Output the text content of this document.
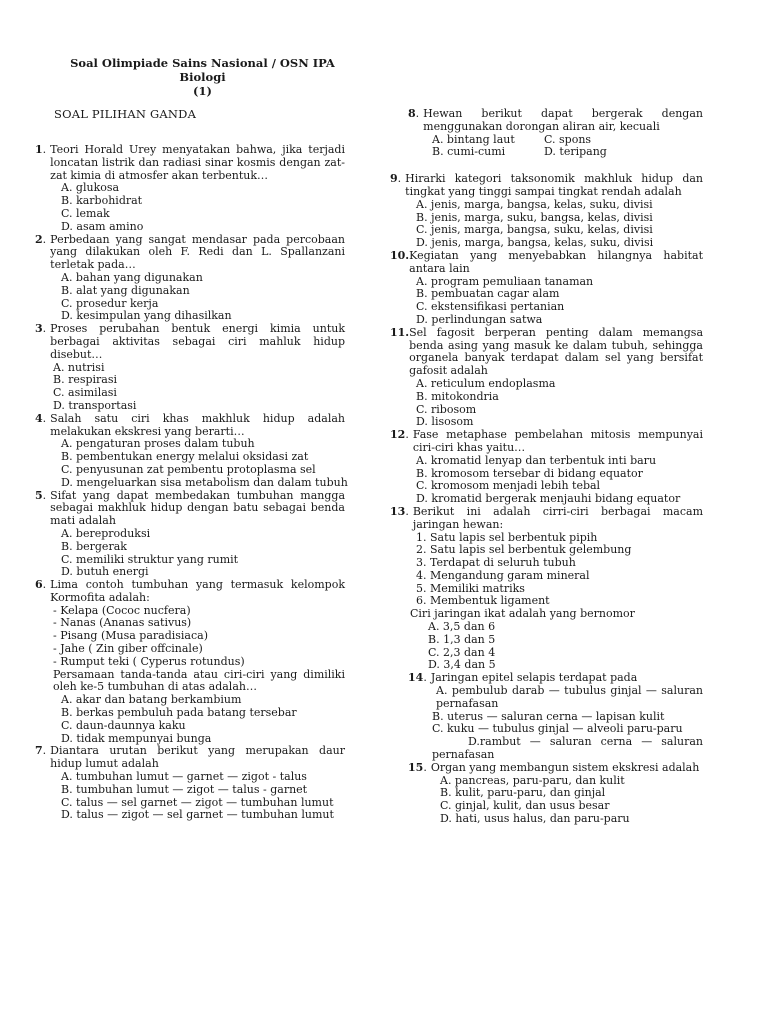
Soal Olimpiade Sains Nasional / OSN IPA Biologi
(1)
SOAL PILIHAN GANDA
1. Teori Horald Urey menyatakan bahwa, jika terjadi loncatan listrik dan radiasi sinar kosmis dengan zat-zat kimia di atmosfer akan terbentuk…
A. glukosa
B. karbohidrat
C. lemak
D. asam amino
2. Perbedaan yang sangat mendasar pada percobaan yang dilakukan oleh F. Redi dan L. Spallanzani terletak pada…
A. bahan yang digunakan
B. alat yang digunakan
C. prosedur kerja
D. kesimpulan yang dihasilkan
3. Proses perubahan bentuk energi kimia untuk berbagai aktivitas sebagai ciri mahluk hidup disebut…
A. nutrisi
B. respirasi
C. asimilasi
D. transportasi
4. Salah satu ciri khas makhluk hidup adalah melakukan ekskresi yang berarti…
A. pengaturan proses dalam tubuh
B. pembentukan energy melalui oksidasi zat
C. penyusunan zat pembentu protoplasma sel
D. mengeluarkan sisa metabolism dan dalam tubuh
5. Sifat yang dapat membedakan tumbuhan mangga sebagai makhluk hidup dengan batu sebagai benda mati adalah
A. bereproduksi
B. bergerak
C. memiliki struktur yang rumit
D. butuh energi
6. Lima contoh tumbuhan yang termasuk kelompok Kormofita adalah:
- Kelapa (Cococ nucfera)
- Nanas (Ananas sativus)
- Pisang (Musa paradisiaca)
- Jahe ( Zin giber offcinale)
- Rumput teki ( Cyperus rotundus)
Persamaan tanda-tanda atau ciri-ciri yang dimiliki oleh ke-5 tumbuhan di atas adalah…
A. akar dan batang berkambium
B. berkas pembuluh pada batang tersebar
C. daun-daunnya kaku
D. tidak mempunyai bunga
7. Diantara urutan berikut yang merupakan daur hidup lumut adalah
A. tumbuhan lumut — garnet — zigot - talus
B. tumbuhan lumut — zigot — talus - garnet
C. talus — sel garnet — zigot — tumbuhan lumut
D. talus — zigot — sel garnet — tumbuhan lumut
8. Hewan berikut dapat bergerak dengan menggunakan dorongan aliran air, kecuali
A. bintang laut	C. spons
B. cumi-cumi	D. teripang
9. Hirarki kategori taksonomik makhluk hidup dan tingkat yang tinggi sampai tingkat rendah adalah
A. jenis, marga, bangsa, kelas, suku, divisi
B. jenis, marga, suku, bangsa, kelas, divisi
C. jenis, marga, bangsa, suku, kelas, divisi
D. jenis, marga, bangsa, kelas, suku, divisi
10. Kegiatan yang menyebabkan hilangnya habitat antara lain
A. program pemuliaan tanaman
B. pembuatan cagar alam
C. ekstensifikasi pertanian
D. perlindungan satwa
11. Sel fagosit berperan penting dalam memangsa benda asing yang masuk ke dalam tubuh, sehingga organela banyak terdapat dalam sel yang bersifat gafosit adalah
A. reticulum endoplasma
B. mitokondria
C. ribosom
D. lisosom
12. Fase metaphase pembelahan mitosis mempunyai ciri-ciri khas yaitu…
A. kromatid lenyap dan terbentuk inti baru
B. kromosom tersebar di bidang equator
C. kromosom menjadi lebih tebal
D. kromatid bergerak menjauhi bidang equator
13. Berikut ini adalah cirri-ciri berbagai macam jaringan hewan:
1. Satu lapis sel berbentuk pipih
2. Satu lapis sel berbentuk gelembung
3. Terdapat di seluruh tubuh
4. Mengandung garam mineral
5. Memiliki matriks
6. Membentuk ligament
Ciri jaringan ikat adalah yang bernomor
A. 3,5 dan 6
B. 1,3 dan 5
C. 2,3 dan 4
D. 3,4 dan 5
14. Jaringan epitel selapis terdapat pada
A. pembulub darab — tubulus ginjal — saluran pernafasan
B. uterus — saluran cerna — lapisan kulit
C. kuku — tubulus ginjal — alveoli paru-paru
D.rambut — saluran cerna — saluran pernafasan
15. Organ yang membangun sistem ekskresi adalah
A. pancreas, paru-paru, dan kulit
B. kulit, paru-paru, dan ginjal
C. ginjal, kulit, dan usus besar
D. hati, usus halus, dan paru-paru
